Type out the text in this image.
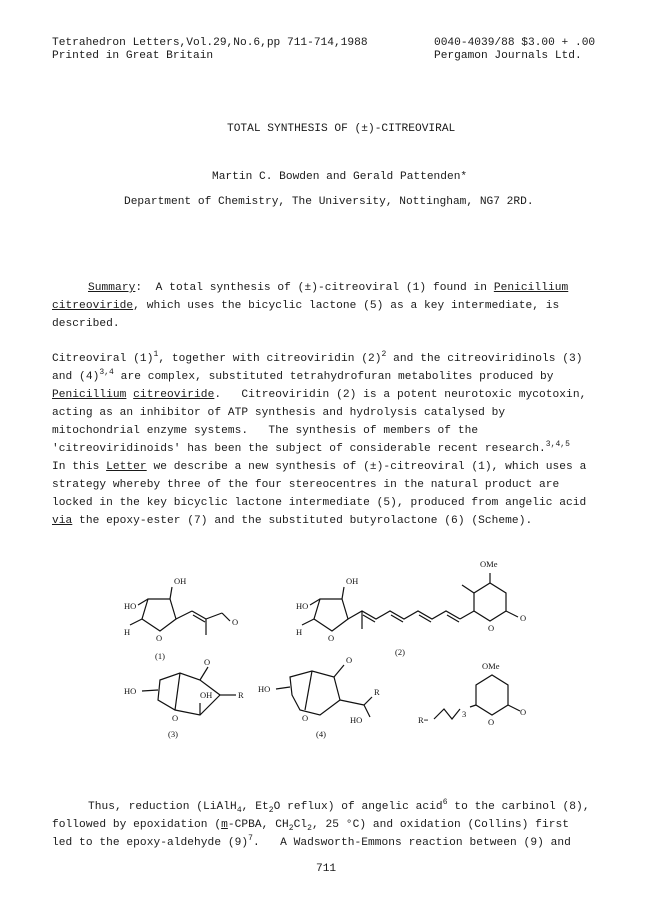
Tetrahedron Letters,Vol.29,No.6,pp 711-714,1988
Printed in Great Britain
0040-4039/88 $3.00 + .00
Pergamon Journals Ltd.
TOTAL SYNTHESIS OF (±)-CITREOVIRAL
Martin C. Bowden and Gerald Pattenden*
Department of Chemistry, The University, Nottingham, NG7 2RD.
Summary:  A total synthesis of (±)-citreoviral (1) found in Penicillium
citreoviride, which uses the bicyclic lactone (5) as a key intermediate, is
described.
Citreoviral $(1)^1$, together with citreoviridin $(2)^2$ and the citreoviridinols (3)
and $(4)^{3,4}$ are complex, substituted tetrahydrofuran metabolites produced by
Penicillium citreoviride.   Citreoviridin (2) is a potent neurotoxic mycotoxin,
acting as an inhibitor of ATP synthesis and hydrolysis catalysed by
mitochondrial enzyme systems.   The synthesis of members of the
'citreoviridinoids' has been the subject of considerable recent research.$^{3,4,5}$
In this Letter we describe a new synthesis of (±)-citreoviral (1), which uses a
strategy whereby three of the four stereocentres in the natural product are
locked in the key bicyclic lactone intermediate (5), produced from angelic acid
via the epoxy-ester (7) and the substituted butyrolactone (6) (Scheme).
OH
HO
H
O
O
(1)
OH
HO
H
O
OMe
O
O
(2)
OMe
HO
O
OH	R
O
(3)
HO
O
R
HO
O
(4)
R=
3
O
O
Thus, reduction (LiAlH$_4$, $Et_2O$ reflux) of angelic acid$^6$ to the carbinol (8),
followed by epoxidation (m-CPBA, $CH_2Cl_2$, 25 °C) and oxidation (Collins) first
led to the epoxy-aldehyde $(9)^7$.   A Wadsworth-Emmons reaction between (9) and
711
